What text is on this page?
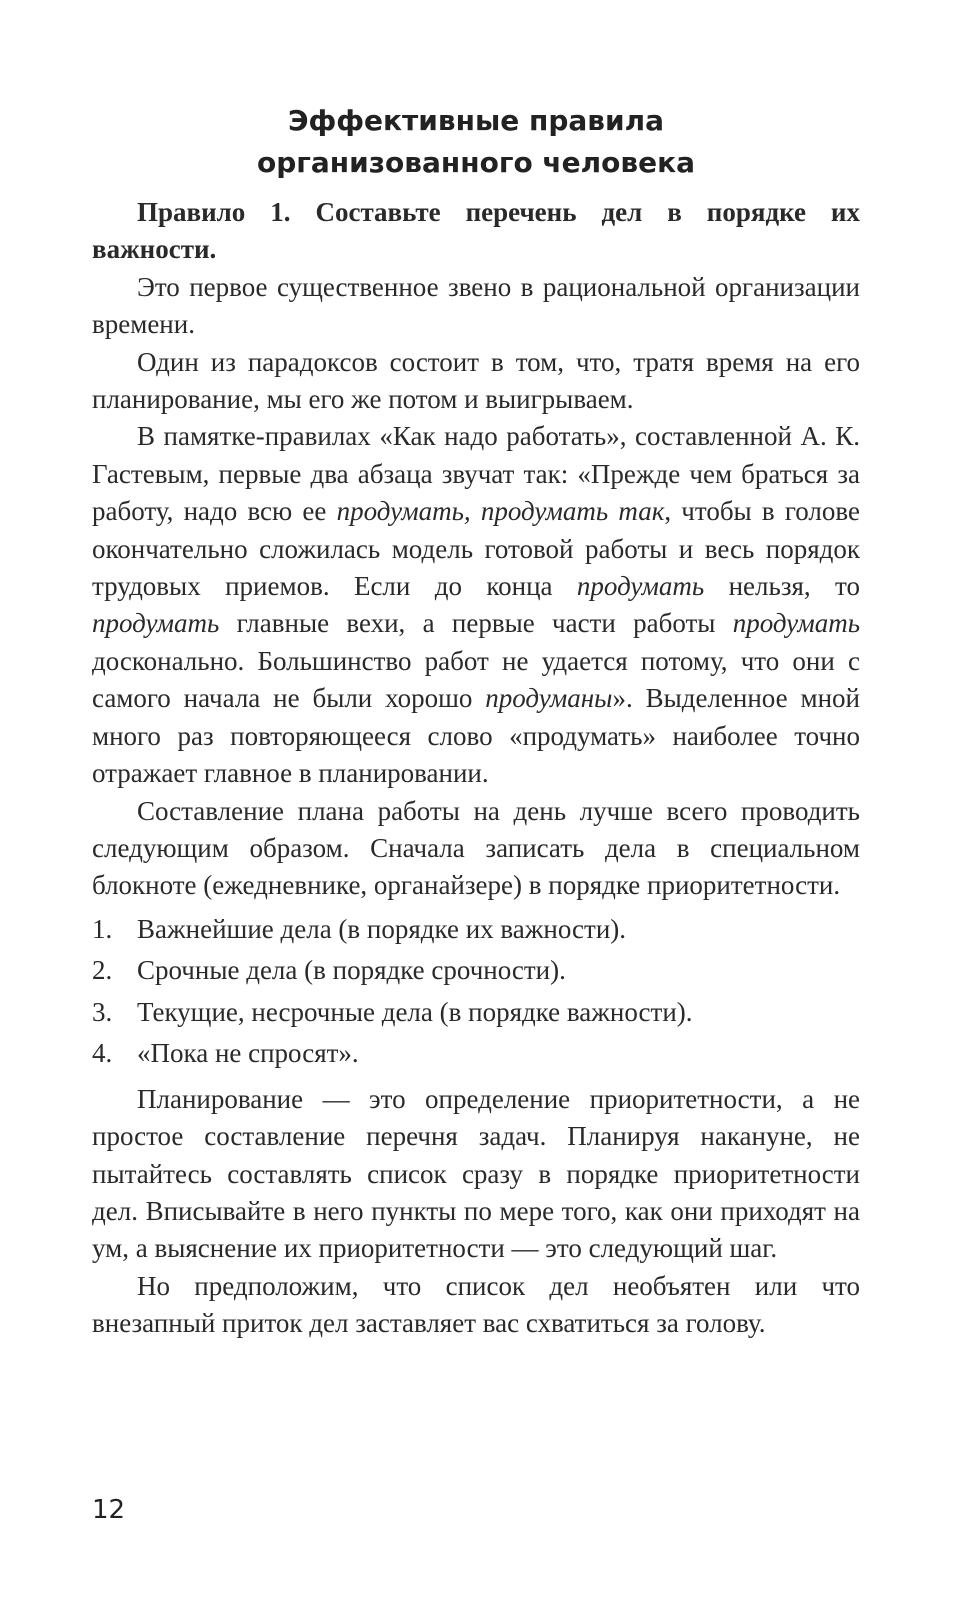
Эффективные правила
организованного человека

Правило 1. Составьте перечень дел в порядке их важности.

Это первое существенное звено в рациональной организации времени.

Один из парадоксов состоит в том, что, тратя время на его планирование, мы его же потом и выигрываем.

В памятке-правилах «Как надо работать», составленной А. К. Гастевым, первые два абзаца звучат так: «Прежде чем браться за работу, надо всю ее продумать, продумать так, чтобы в голове окончательно сложилась модель готовой работы и весь порядок трудовых приемов. Если до конца продумать нельзя, то продумать главные вехи, а первые части работы продумать досконально. Большинство работ не удается потому, что они с самого начала не были хорошо продуманы». Выделенное мной много раз повторяющееся слово «продумать» наиболее точно отражает главное в планировании.

Составление плана работы на день лучше всего проводить следующим образом. Сначала записать дела в специальном блокноте (ежедневнике, органайзере) в порядке приоритетности.

1. Важнейшие дела (в порядке их важности).
2. Срочные дела (в порядке срочности).
3. Текущие, несрочные дела (в порядке важности).
4. «Пока не спросят».

Планирование — это определение приоритетности, а не простое составление перечня задач. Планируя накануне, не пытайтесь составлять список сразу в порядке приоритетности дел. Вписывайте в него пункты по мере того, как они приходят на ум, а выяснение их приоритетности — это следующий шаг.

Но предположим, что список дел необъятен или что внезапный приток дел заставляет вас схватиться за голову.

12
